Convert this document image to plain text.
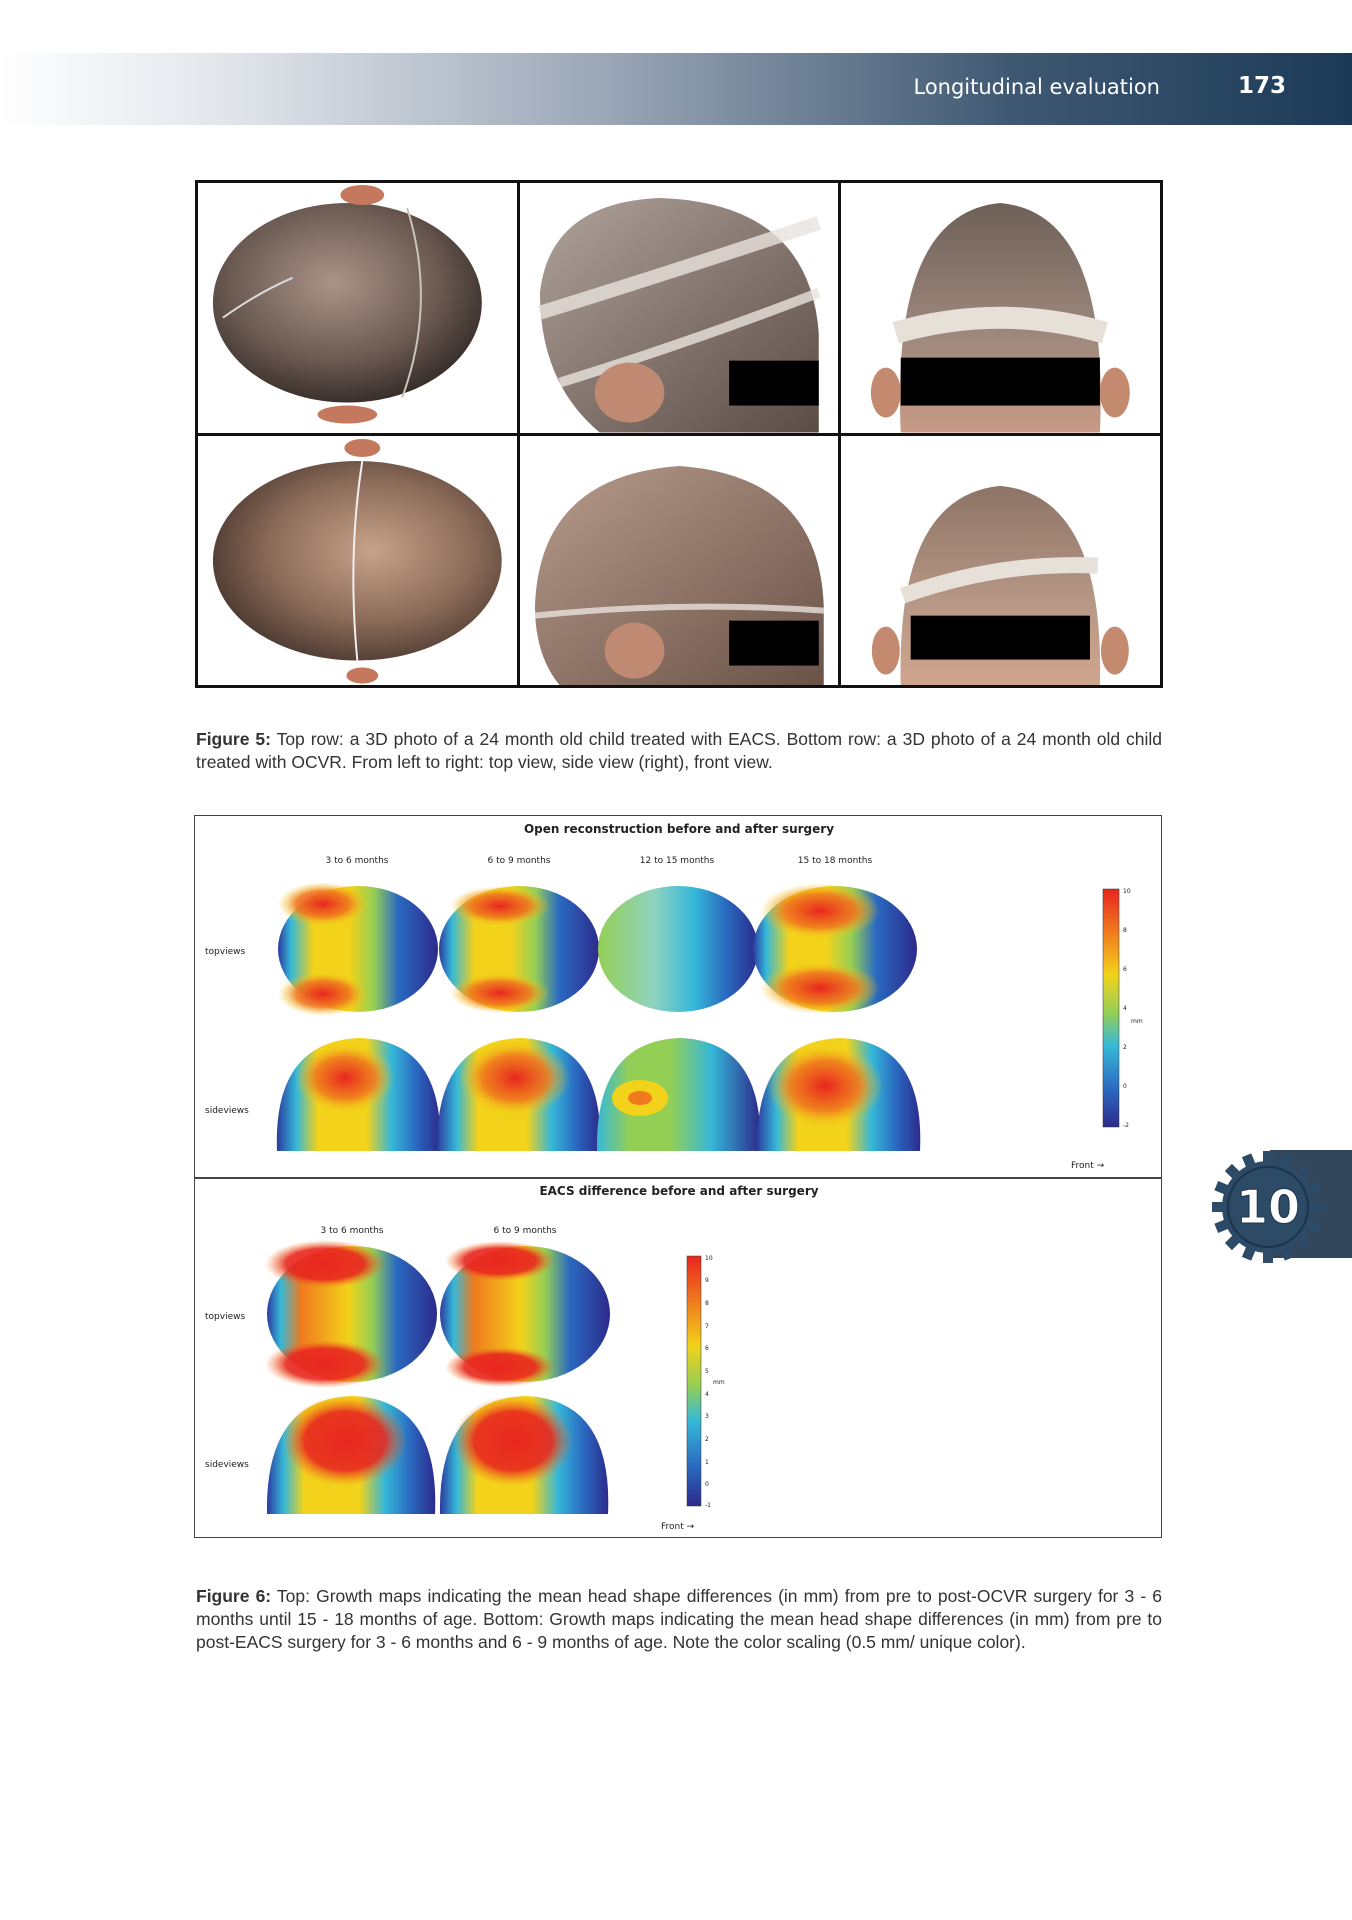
Longitudinal evaluation	173

Figure 5: Top row: a 3D photo of a 24 month old child treated with EACS. Bottom row: a 3D photo of a 24 month old child treated with OCVR. From left to right: top view, side view (right), front view.

Open reconstruction before and after surgery
3 to 6 months	6 to 9 months	12 to 15 months	15 to 18 months
topviews
sideviews
10
8
6
4
2
0
-2
mm
Front →
EACS difference before and after surgery
3 to 6 months	6 to 9 months
topviews
sideviews
10
9
8
7
6
5
4
3
2
1
0
-1
mm
Front →

Figure 6: Top: Growth maps indicating the mean head shape differences (in mm) from pre to post-OCVR surgery for 3 - 6 months until 15 - 18 months of age. Bottom: Growth maps indicating the mean head shape differences (in mm) from pre to post-EACS surgery for 3 - 6 months and 6 - 9 months of age. Note the color scaling (0.5 mm/ unique color).

10
